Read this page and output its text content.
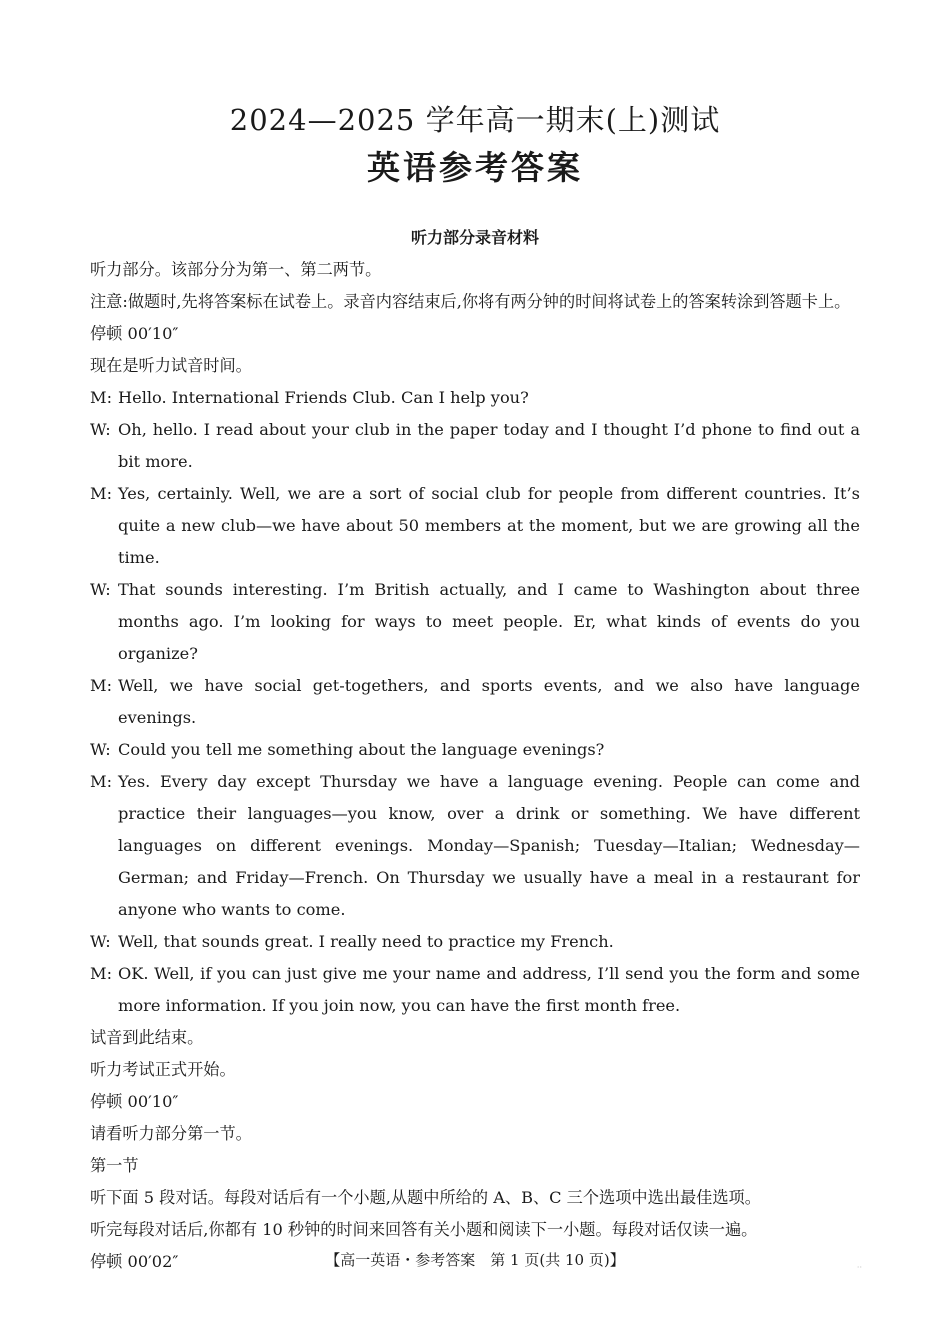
2024—2025 学年高一期末(上)测试
英语参考答案
听力部分录音材料

听力部分。该部分分为第一、第二两节。

注意:做题时,先将答案标在试卷上。录音内容结束后,你将有两分钟的时间将试卷上的答案转涂到答题卡上。

停顿 00′10″

现在是听力试音时间。

M: Hello. International Friends Club. Can I help you?

W: Oh, hello. I read about your club in the paper today and I thought I’d phone to find out a bit more.

M: Yes, certainly. Well, we are a sort of social club for people from different countries. It’s quite a new club—we have about 50 members at the moment, but we are growing all the time.

W: That sounds interesting. I’m British actually, and I came to Washington about three months ago. I’m looking for ways to meet people. Er, what kinds of events do you organize?

M: Well, we have social get-togethers, and sports events, and we also have language evenings.

W: Could you tell me something about the language evenings?

M: Yes. Every day except Thursday we have a language evening. People can come and practice their languages—you know, over a drink or something. We have different languages on different evenings. Monday—Spanish; Tuesday—Italian; Wednesday—German; and Friday—French. On Thursday we usually have a meal in a restaurant for anyone who wants to come.

W: Well, that sounds great. I really need to practice my French.

M: OK. Well, if you can just give me your name and address, I’ll send you the form and some more information. If you join now, you can have the first month free.

试音到此结束。

听力考试正式开始。

停顿 00′10″

请看听力部分第一节。

第一节

听下面 5 段对话。每段对话后有一个小题,从题中所给的 A、B、C 三个选项中选出最佳选项。

听完每段对话后,你都有 10 秒钟的时间来回答有关小题和阅读下一小题。每段对话仅读一遍。

停顿 00′02″	【高一英语・参考答案　第 1 页(共 10 页)】	··
